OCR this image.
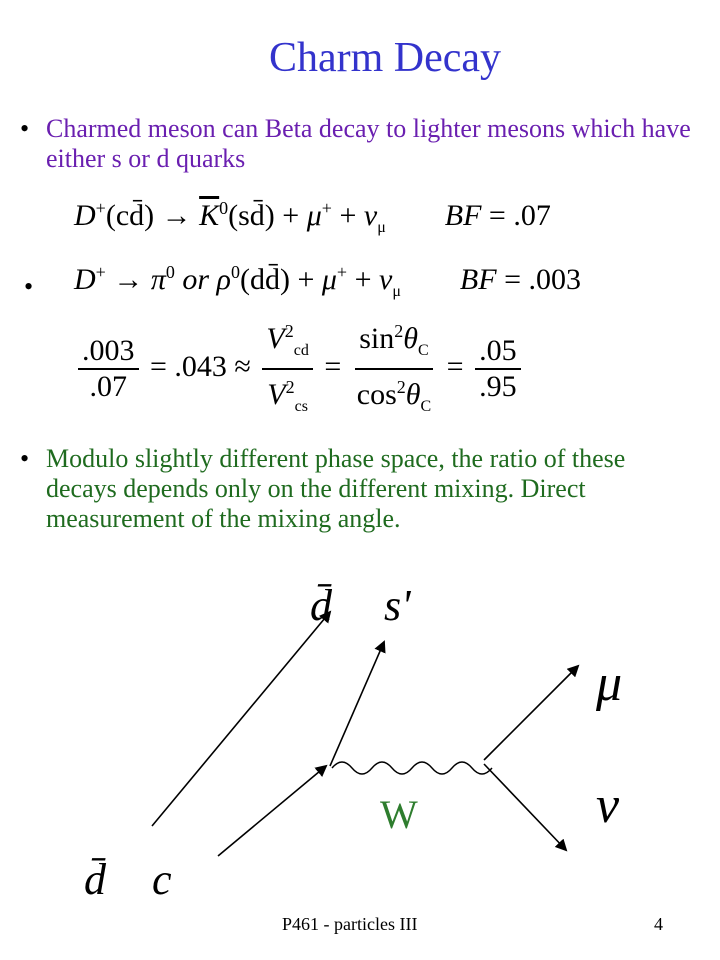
Charm Decay
• Charmed meson can Beta decay to lighter mesons which have either s or d quarks
•
D+(cd̄) → $\overline{K}^0(sd̄) + \mu^+ + \nu_\mu$ BF = .07
$D^+ \to \pi^0$ or $\rho^0(dd̄) + \mu^+ + \nu_\mu$ BF = .003
$\frac{.003}{.07} = .043 \approx \frac{V^2_{cd}}{V^2_{cs}} = \frac{\sin^2\theta_C}{\cos^2\theta_C} = \frac{.05}{.95}$
• Modulo slightly different phase space, the ratio of these decays depends only on the different mixing. Direct measurement of the mixing angle.
d̄ s'
μ
W	ν
d̄ c
P461 - particles III	4
